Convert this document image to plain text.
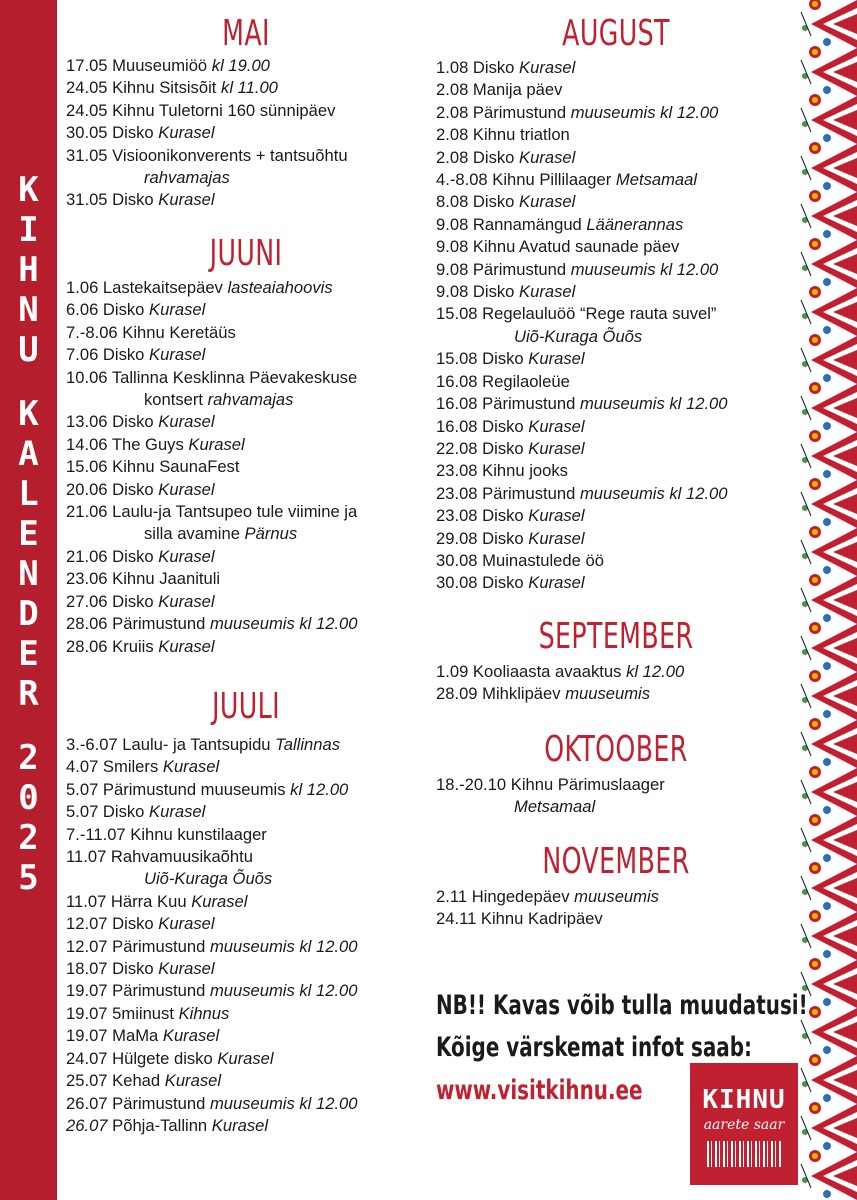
K
I
H
N
U
K
A
L
E
N
D
E
R
2
0
2
5
MAI
17.05 Muuseumiöö kl 19.00
24.05 Kihnu Sitsisõit kl 11.00
24.05 Kihnu Tuletorni 160 sünnipäev
30.05 Disko Kurasel
31.05 Visioonikonverents + tantsuõhtu
rahvamajas
31.05 Disko Kurasel
JUUNI
1.06 Lastekaitsepäev lasteaiahoovis
6.06 Disko Kurasel
7.-8.06 Kihnu Keretäüs
7.06 Disko Kurasel
10.06 Tallinna Kesklinna Päevakeskuse
kontsert rahvamajas
13.06 Disko Kurasel
14.06 The Guys Kurasel
15.06 Kihnu SaunaFest
20.06 Disko Kurasel
21.06 Laulu-ja Tantsupeo tule viimine ja
silla avamine Pärnus
21.06 Disko Kurasel
23.06 Kihnu Jaanituli
27.06 Disko Kurasel
28.06 Pärimustund muuseumis kl 12.00
28.06 Kruiis Kurasel
JUULI
3.-6.07 Laulu- ja Tantsupidu Tallinnas
4.07 Smilers Kurasel
5.07 Pärimustund muuseumis kl 12.00
5.07 Disko Kurasel
7.-11.07 Kihnu kunstilaager
11.07 Rahvamuusikaõhtu
Uiõ-Kuraga Õuõs
11.07 Härra Kuu Kurasel
12.07 Disko Kurasel
12.07 Pärimustund muuseumis kl 12.00
18.07 Disko Kurasel
19.07 Pärimustund muuseumis kl 12.00
19.07 5miinust Kihnus
19.07 MaMa Kurasel
24.07 Hülgete disko Kurasel
25.07 Kehad Kurasel
26.07 Pärimustund muuseumis kl 12.00
26.07 Põhja-Tallinn Kurasel
AUGUST
1.08 Disko Kurasel
2.08 Manija päev
2.08 Pärimustund muuseumis kl 12.00
2.08 Kihnu triatlon
2.08 Disko Kurasel
4.-8.08 Kihnu Pillilaager Metsamaal
8.08 Disko Kurasel
9.08 Rannamängud Läänerannas
9.08 Kihnu Avatud saunade päev
9.08 Pärimustund muuseumis kl 12.00
9.08 Disko Kurasel
15.08 Regelauluöö “Rege rauta suvel”
Uiõ-Kuraga Õuõs
15.08 Disko Kurasel
16.08 Regilaoleüe
16.08 Pärimustund muuseumis kl 12.00
16.08 Disko Kurasel
22.08 Disko Kurasel
23.08 Kihnu jooks
23.08 Pärimustund muuseumis kl 12.00
23.08 Disko Kurasel
29.08 Disko Kurasel
30.08 Muinastulede öö
30.08 Disko Kurasel
SEPTEMBER
1.09 Kooliaasta avaaktus kl 12.00
28.09 Mihklipäev muuseumis
OKTOOBER
18.-20.10 Kihnu Pärimuslaager
Metsamaal
NOVEMBER
2.11 Hingedepäev muuseumis
24.11 Kihnu Kadripäev
NB!! Kavas võib tulla muudatusi!
Kõige värskemat infot saab:
www.visitkihnu.ee	KIHNU
aarete saar
